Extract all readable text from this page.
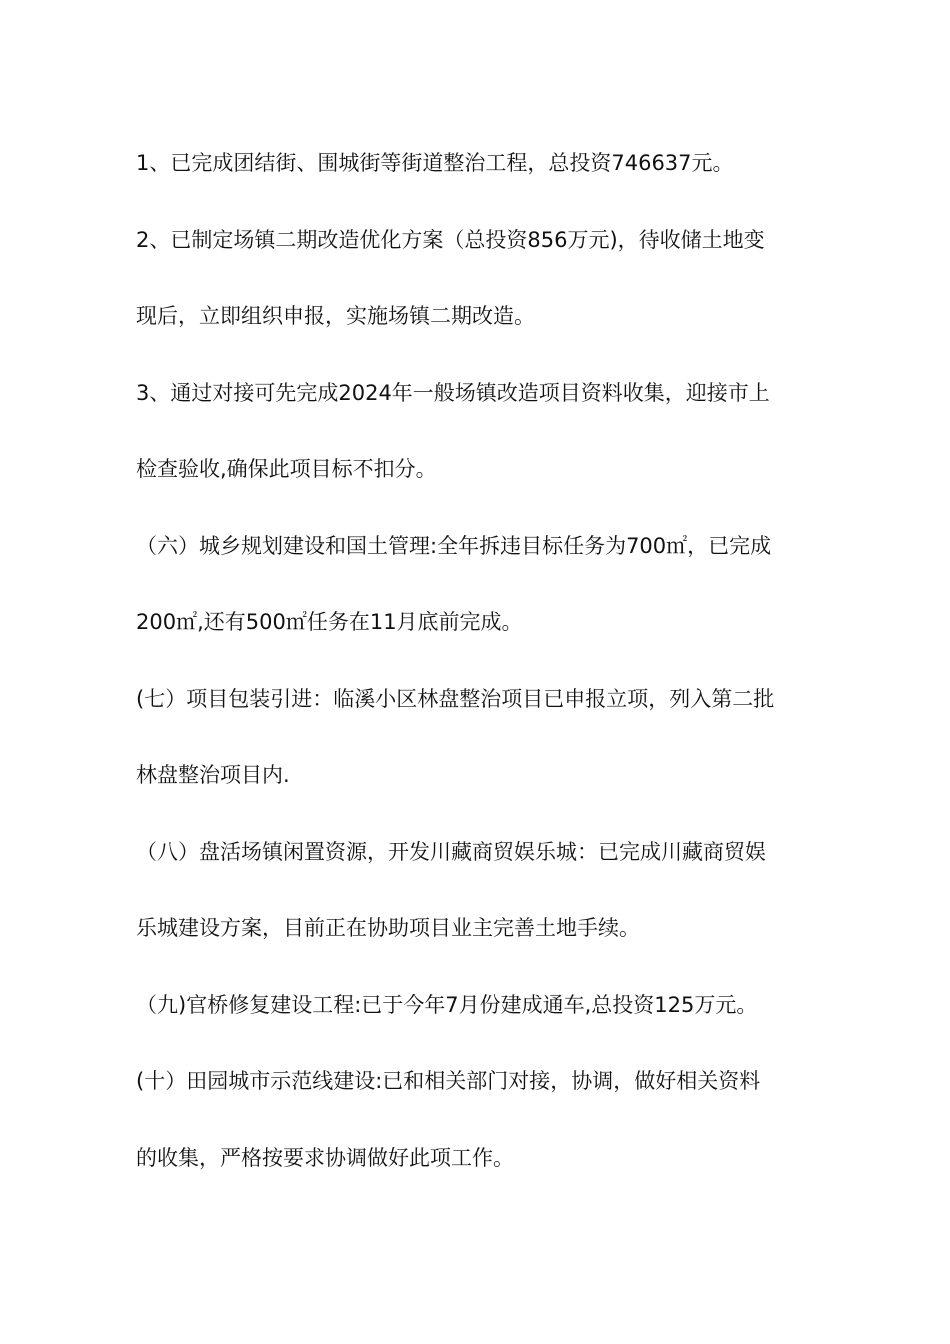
1、已完成团结街、围城街等街道整治工程，总投资746637元。

2、已制定场镇二期改造优化方案（总投资856万元)，待收储土地变

现后，立即组织申报，实施场镇二期改造。

3、通过对接可先完成2024年一般场镇改造项目资料收集，迎接市上

检查验收,确保此项目标不扣分。

（六）城乡规划建设和国土管理:全年拆违目标任务为700㎡，已完成

200㎡,还有500㎡任务在11月底前完成。

(七）项目包装引进：临溪小区林盘整治项目已申报立项，列入第二批

林盘整治项目内.

（八）盘活场镇闲置资源，开发川藏商贸娱乐城：已完成川藏商贸娱

乐城建设方案，目前正在协助项目业主完善土地手续。

（九)官桥修复建设工程:已于今年7月份建成通车,总投资125万元。

(十）田园城市示范线建设:已和相关部门对接，协调，做好相关资料

的收集，严格按要求协调做好此项工作。
